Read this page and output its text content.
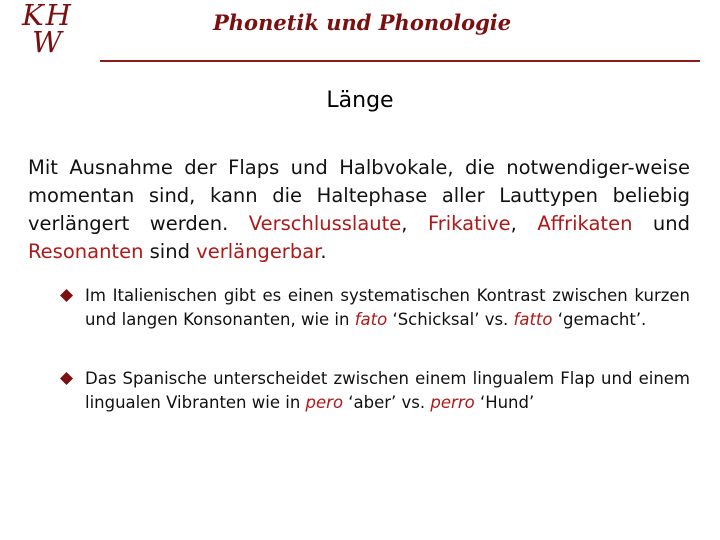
KH
W
Phonetik und Phonologie
Länge
Mit Ausnahme der Flaps und Halbvokale, die notwendiger-weise momentan sind, kann die Haltephase aller Lauttypen beliebig verlängert werden. Verschlusslaute, Frikative, Affrikaten und Resonanten sind verlängerbar.
Im Italienischen gibt es einen systematischen Kontrast zwischen kurzen und langen Konsonanten, wie in fato ‘Schicksal’ vs. fatto ‘gemacht’.
Das Spanische unterscheidet zwischen einem lingualem Flap und einem lingualen Vibranten wie in pero ‘aber’ vs. perro ‘Hund’
